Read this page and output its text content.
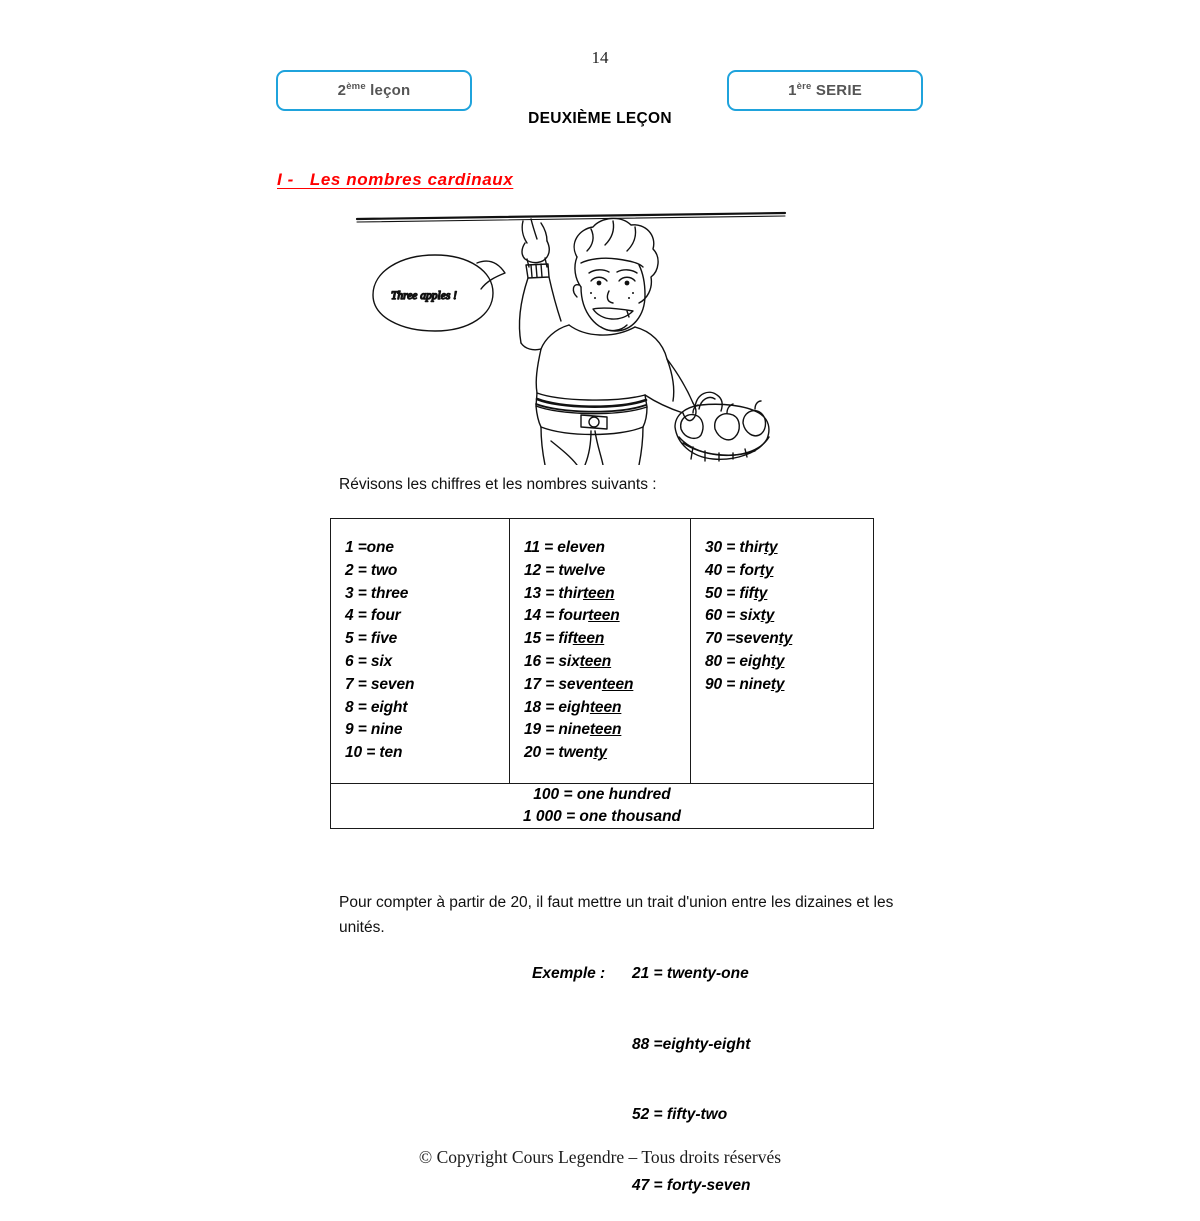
14
2ème leçon	1ère SERIE
DEUXIÈME LEÇON
I -   Les nombres cardinaux
Three apples !
Révisons les chiffres et les nombres suivants :
1 =one
2 = two
3 = three
4 = four
5 = five
6 = six
7 = seven
8 = eight
9 = nine
10 = ten

11 = eleven
12 = twelve
13 = thirteen
14 = fourteen
15 = fifteen
16 = sixteen
17 = seventeen
18 = eighteen
19 = nineteen
20 = twenty

30 = thirty
40 = forty
50 = fifty
60 = sixty
70 =seventy
80 = eighty
90 = ninety

100 = one hundred
1 000 = one thousand
Pour compter à partir de 20, il faut mettre un trait d'union entre les dizaines et les unités.

Exemple : 21 = twenty-one

88 =eighty-eight

52 = fifty-two

47 = forty-seven

© Copyright Cours Legendre – Tous droits réservés
